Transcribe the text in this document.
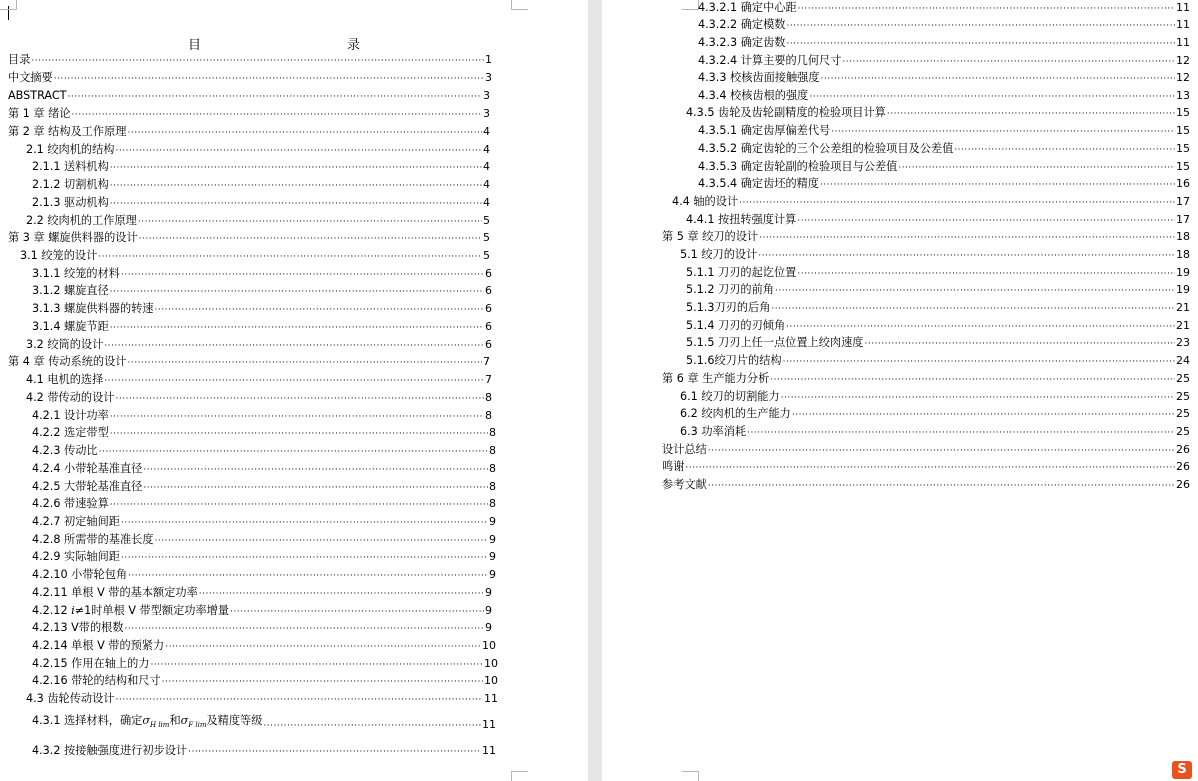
目　　录
目录 ·····	1
中文摘要 ·····	3
ABSTRACT ·····	3
第 1 章 绪论 ·····	3
第 2 章 结构及工作原理 ·····	4
2.1 绞肉机的结构 ·····	4
2.1.1 送料机构 ·····	4
2.1.2 切割机构 ·····	4
2.1.3 驱动机构 ·····	4
2.2 绞肉机的工作原理 ·····	5
第 3 章 螺旋供料器的设计 ·····	5
3.1 绞笼的设计 ·····	5
3.1.1 绞笼的材料 ·····	6
3.1.2 螺旋直径 ·····	6
3.1.3 螺旋供料器的转速 ·····	6
3.1.4 螺旋节距 ·····	6
3.2 绞筒的设计 ·····	6
第 4 章 传动系统的设计 ·····	7
4.1 电机的选择 ·····	7
4.2 带传动的设计 ·····	8
4.2.1 设计功率 ·····	8
4.2.2 选定带型 ·····	8
4.2.3 传动比 ·····	8
4.2.4 小带轮基准直径 ·····	8
4.2.5 大带轮基准直径 ·····	8
4.2.6 带速验算 ·····	8
4.2.7 初定轴间距 ·····	9
4.2.8 所需带的基准长度 ·····	9
4.2.9 实际轴间距 ·····	9
4.2.10 小带轮包角 ·····	9
4.2.11 单根 V 带的基本额定功率 ·····	9
4.2.12 i≠1时单根 V 带型额定功率增量 ·····	9
4.2.13 V带的根数 ·····	9
4.2.14 单根 V 带的预紧力 ·····	10
4.2.15 作用在轴上的力 ·····	10
4.2.16 带轮的结构和尺寸 ·····	10
4.3 齿轮传动设计 ·····	11
4.3.1 选择材料，确定$\sigma_{H lim}$和$\sigma_{F lim}$及精度等级 ·····	11
4.3.2 按接触强度进行初步设计 ·····	11
4.3.2.1 确定中心距 ·····	11
4.3.2.2 确定模数 ·····	11
4.3.2.3 确定齿数 ·····	11
4.3.2.4 计算主要的几何尺寸 ·····	12
4.3.3 校核齿面接触强度 ·····	12
4.3.4 校核齿根的强度 ·····	13
4.3.5 齿轮及齿轮副精度的检验项目计算 ·····	15
4.3.5.1 确定齿厚偏差代号 ·····	15
4.3.5.2 确定齿轮的三个公差组的检验项目及公差值 ·····	15
4.3.5.3 确定齿轮副的检验项目与公差值 ·····	15
4.3.5.4 确定齿坯的精度 ·····	16
4.4 轴的设计 ·····	17
4.4.1 按扭转强度计算 ·····	17
第 5 章 绞刀的设计 ·····	18
5.1 绞刀的设计 ·····	18
5.1.1 刀刃的起讫位置 ·····	19
5.1.2 刀刃的前角 ·····	19
5.1.3刀刃的后角 ·····	21
5.1.4 刀刃的刃倾角 ·····	21
5.1.5 刀刃上任一点位置上绞肉速度 ·····	23
5.1.6绞刀片的结构 ·····	24
第 6 章 生产能力分析 ·····	25
6.1 绞刀的切割能力 ·····	25
6.2 绞肉机的生产能力 ·····	25
6.3 功率消耗 ·····	25
设计总结 ·····	26
鸣谢 ·····	26
参考文献 ·····	26
S
